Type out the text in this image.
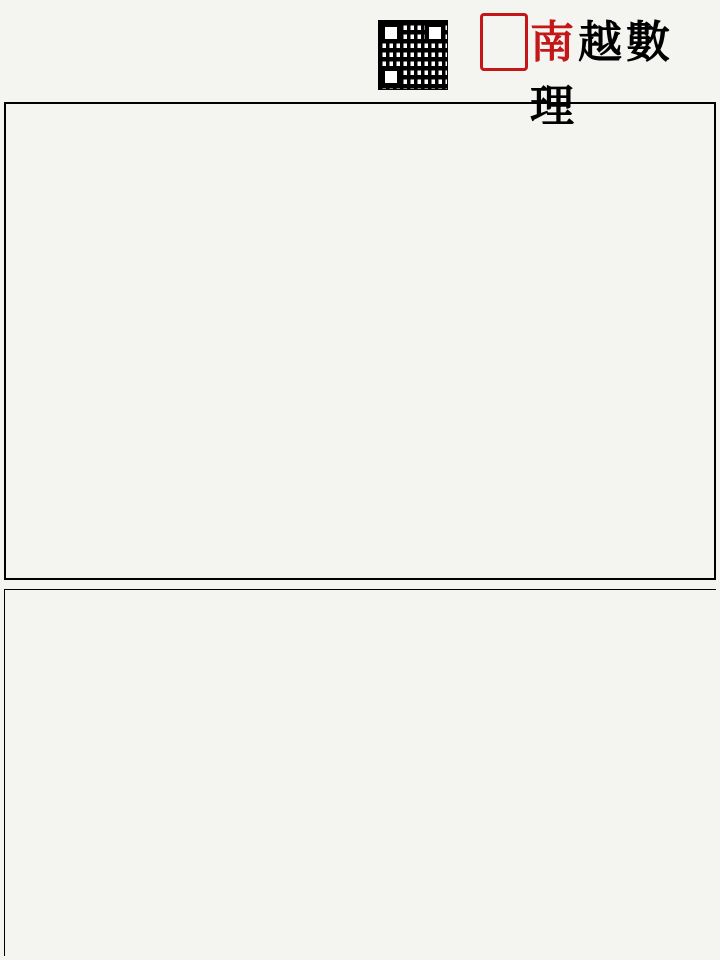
南越數理
